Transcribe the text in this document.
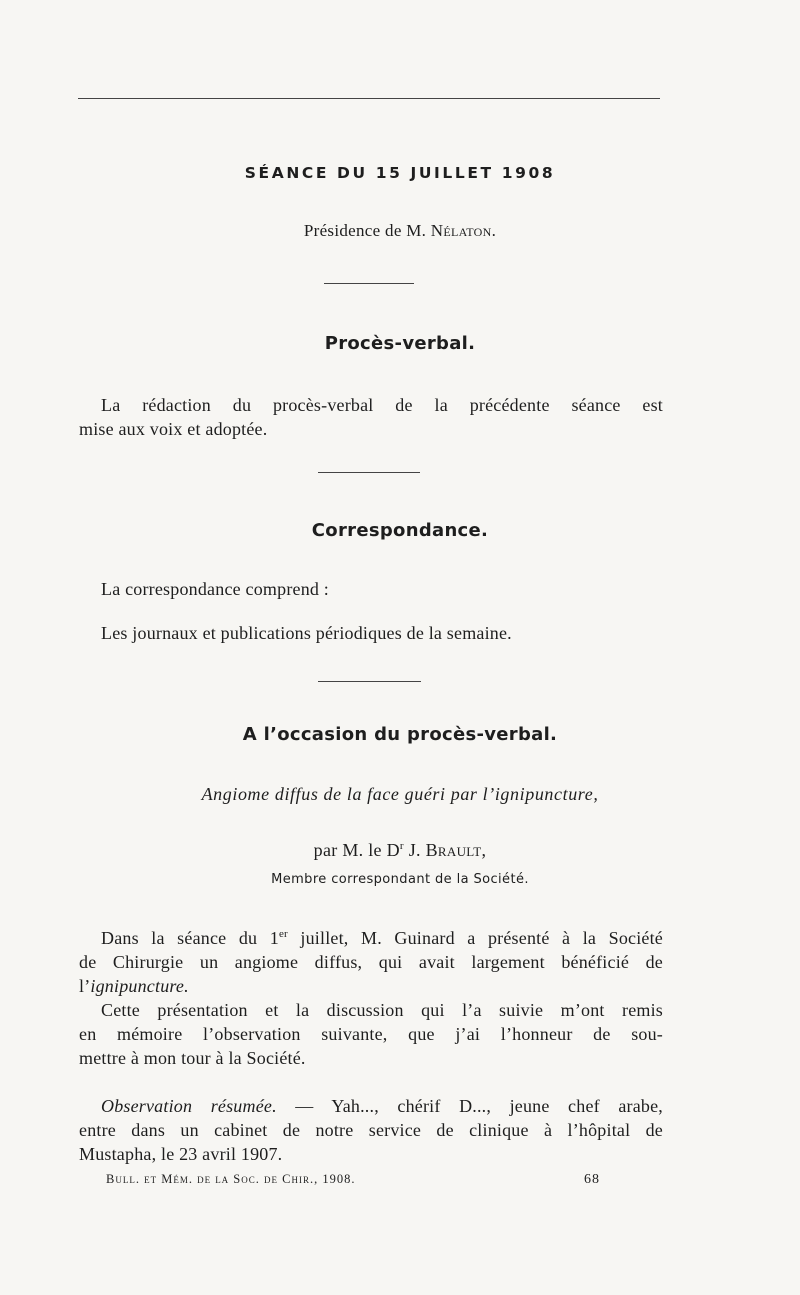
SÉANCE DU 15 JUILLET 1908
Présidence de M. Nélaton.
Procès-verbal.
La rédaction du procès-verbal de la précédente séance est
mise aux voix et adoptée.
Correspondance.
La correspondance comprend :
Les journaux et publications périodiques de la semaine.
A l’occasion du procès-verbal.
Angiome diffus de la face guéri par l’ignipuncture,
par M. le $D^r$ J. Brault,
Membre correspondant de la Société.
Dans la séance du 1er juillet, M. Guinard a présenté à la Société
de Chirurgie un angiome diffus, qui avait largement bénéficié de
l’ignipuncture.
Cette présentation et la discussion qui l’a suivie m’ont remis
en mémoire l’observation suivante, que j’ai l’honneur de sou-
mettre à mon tour à la Société.
Observation résumée. — Yah..., chérif D..., jeune chef arabe,
entre dans un cabinet de notre service de clinique à l’hôpital de
Mustapha, le 23 avril 1907.
Bull. et Mém. de la Soc. de Chir., 1908.	68
